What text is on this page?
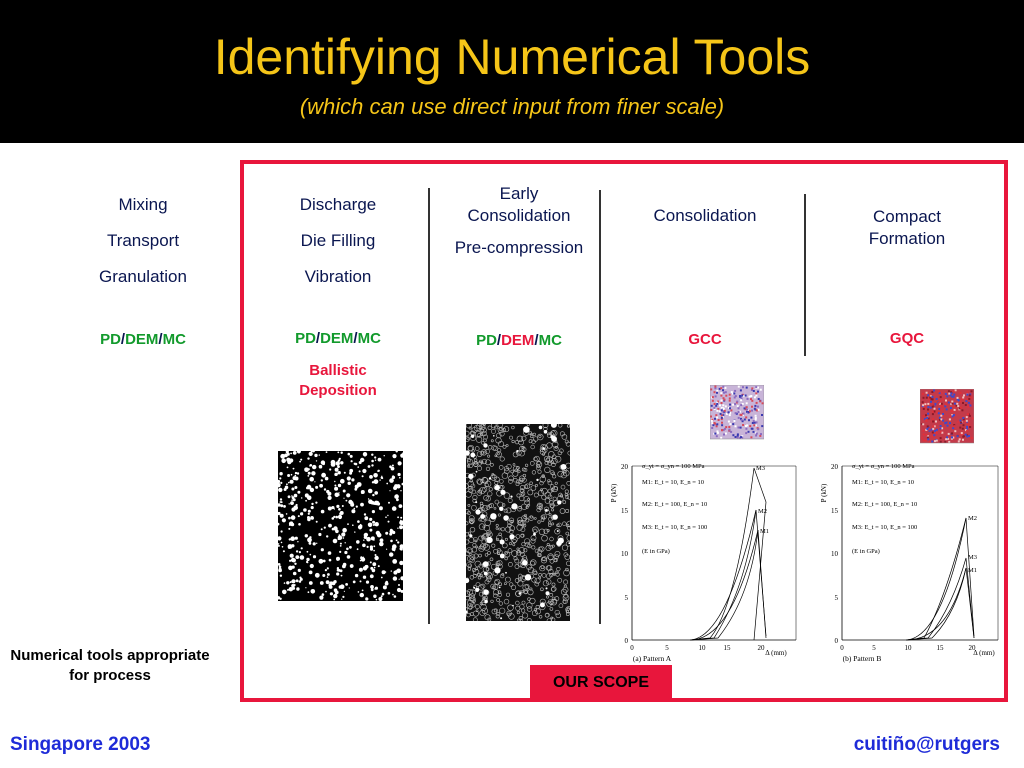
Identifying Numerical Tools
(which can use direct input from finer scale)
Mixing
Transport
Granulation
PD/DEM/MC
Discharge
Die Filling
Vibration
PD/DEM/MC
Ballistic
Deposition
Early Consolidation
Pre-compression
PD/DEM/MC
Consolidation
GCC
Compact Formation
GQC
0
5
10
15
20
0	5	10	15	20
P (kN)
Δ (mm)
(a) Pattern A
σ_yt = σ_yn = 100 MPa
M1: E_t = 10, E_n = 10
M2: E_t = 100, E_n = 10
M3: E_t = 10, E_n = 100
(E in GPa)
M3
M2
M1
0
5
10
15
20
0	5	10	15	20
P (kN)
Δ (mm)
(b) Pattern B
σ_yt = σ_yn = 100 MPa
M1: E_t = 10, E_n = 10
M2: E_t = 100, E_n = 10
M3: E_t = 10, E_n = 100
(E in GPa)
M2
M3
M1
OUR SCOPE
Numerical tools appropriate for process
Singapore 2003	cuitiño@rutgers
